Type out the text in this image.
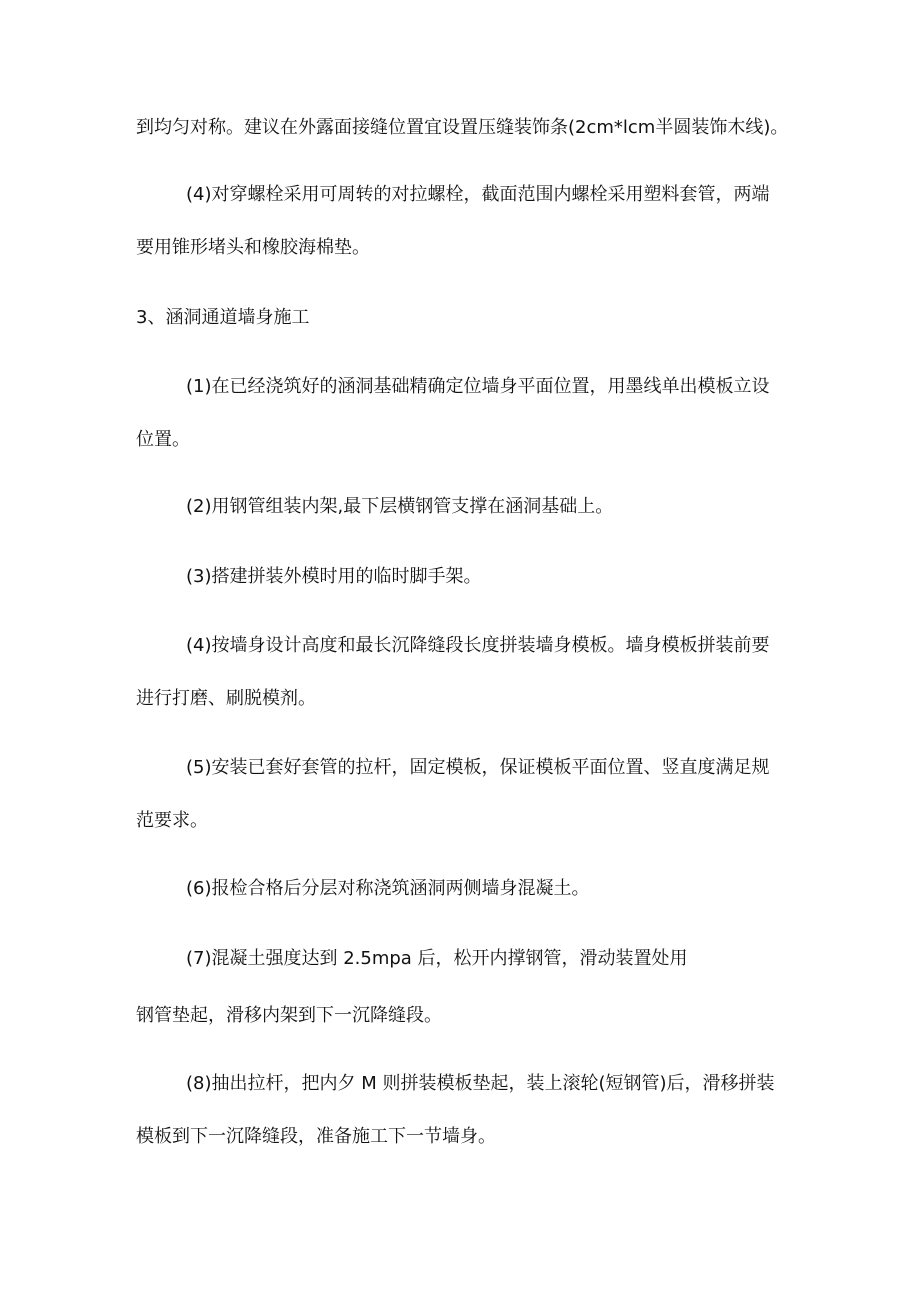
到均匀对称。建议在外露面接缝位置宜设置压缝装饰条(2cm*lcm半圆装饰木线)。
(4)对穿螺栓采用可周转的对拉螺栓，截面范围内螺栓采用塑料套管，两端
要用锥形堵头和橡胶海棉垫。
3、涵洞通道墙身施工
(1)在已经浇筑好的涵洞基础精确定位墙身平面位置，用墨线单出模板立设
位置。
(2)用钢管组装内架,最下层横钢管支撑在涵洞基础上。
(3)搭建拼装外模时用的临时脚手架。
(4)按墙身设计高度和最长沉降缝段长度拼装墙身模板。墙身模板拼装前要
进行打磨、刷脱模剂。
(5)安装已套好套管的拉杆，固定模板，保证模板平面位置、竖直度满足规
范要求。
(6)报检合格后分层对称浇筑涵洞两侧墙身混凝土。
(7)混凝土强度达到 2.5mpa 后，松开内撑钢管，滑动装置处用
钢管垫起，滑移内架到下一沉降缝段。
(8)抽出拉杆，把内夕 M 则拼装模板垫起，装上滚轮(短钢管)后，滑移拼装
模板到下一沉降缝段，准备施工下一节墙身。
